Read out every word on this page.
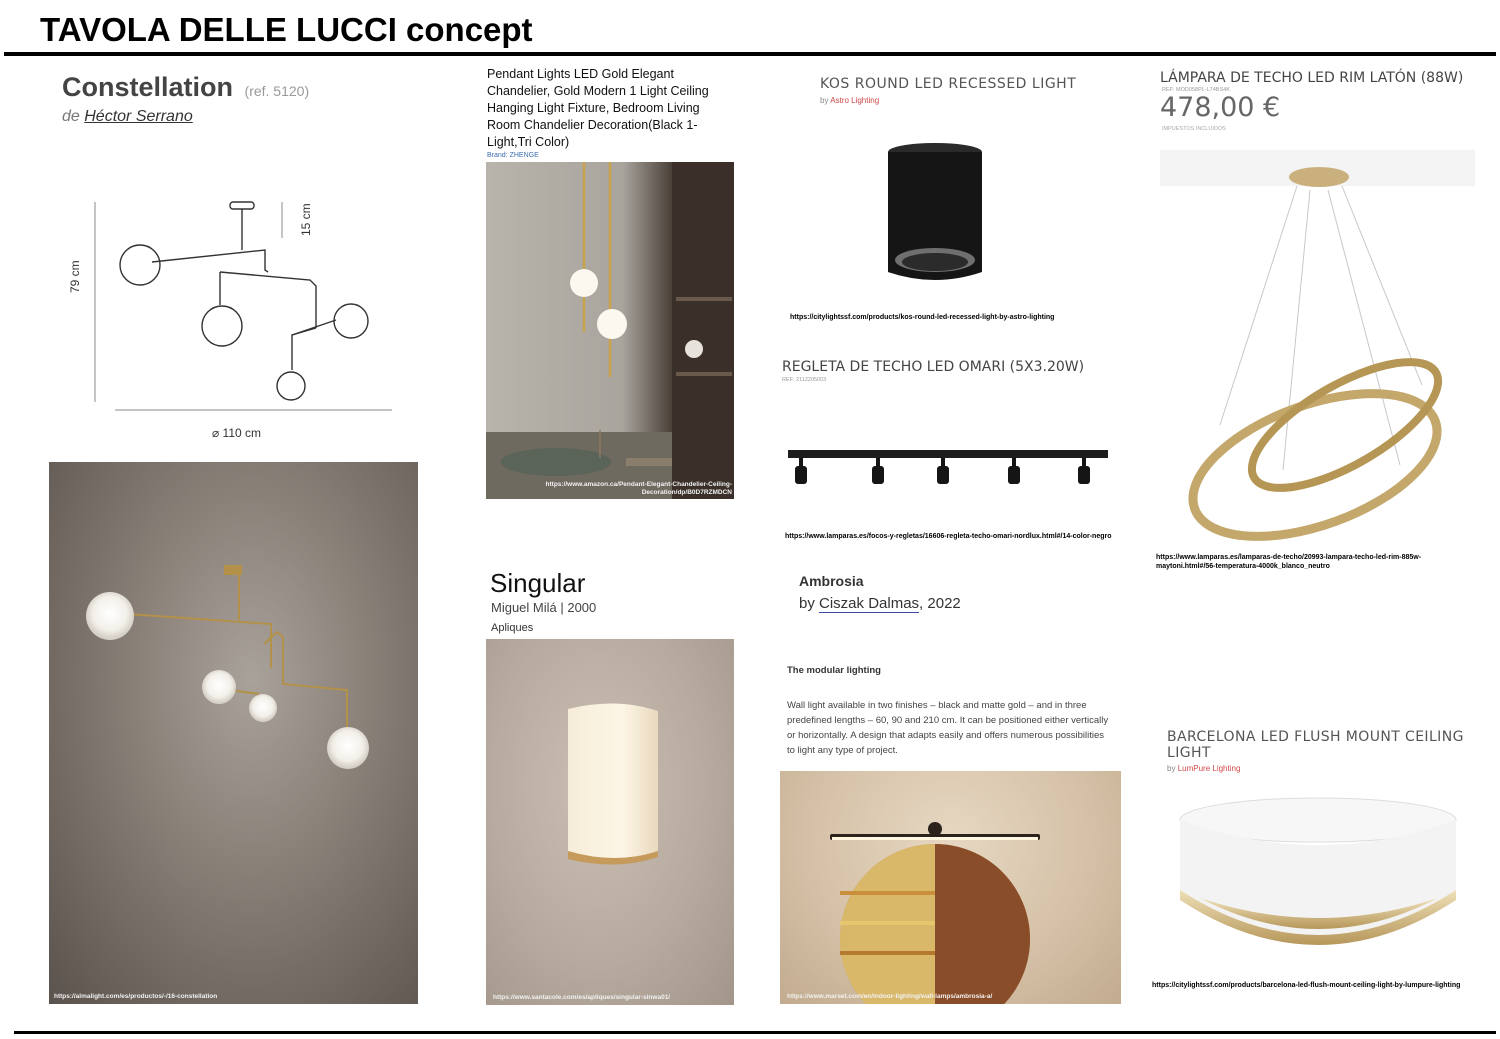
TAVOLA DELLE LUCCI concept
Constellation (ref. 5120)
de Héctor Serrano
79 cm
15 cm
⌀ 110 cm
https://almalight.com/es/productos/-/16-constellation
Pendant Lights LED Gold Elegant Chandelier, Gold Modern 1 Light Ceiling Hanging Light Fixture, Bedroom Living Room Chandelier Decoration(Black 1-Light,Tri Color)
Brand: ZHENGE
https://www.amazon.ca/Pendant-Elegant-Chandelier-Ceiling-Decoration/dp/B0D7RZMDCN
KOS ROUND LED RECESSED LIGHT
by Astro Lighting
https://citylightssf.com/products/kos-round-led-recessed-light-by-astro-lighting
REGLETA DE TECHO LED OMARI (5X3.20W)
REF: 2112205003
https://www.lamparas.es/focos-y-regletas/16606-regleta-techo-omari-nordlux.html#/14-color-negro
LÁMPARA DE TECHO LED RIM LATÓN (88W)
REF: MOD058PL-L74BS4K
478,00 €
IMPUESTOS INCLUIDOS
https://www.lamparas.es/lamparas-de-techo/20993-lampara-techo-led-rim-885w-maytoni.html#/56-temperatura-4000k_blanco_neutro
Singular
Miguel Milá | 2000
Apliques
https://www.santacole.com/es/apliques/singular-sinwa01/
Ambrosia
by Ciszak Dalmas, 2022
The modular lighting
Wall light available in two finishes – black and matte gold – and in three predefined lengths – 60, 90 and 210 cm. It can be positioned either vertically or horizontally. A design that adapts easily and offers numerous possibilities to light any type of project.
https://www.marset.com/en/indoor-lighting/wall-lamps/ambrosia-a/
BARCELONA LED FLUSH MOUNT CEILING LIGHT
by LumPure Lighting
https://citylightssf.com/products/barcelona-led-flush-mount-ceiling-light-by-lumpure-lighting
